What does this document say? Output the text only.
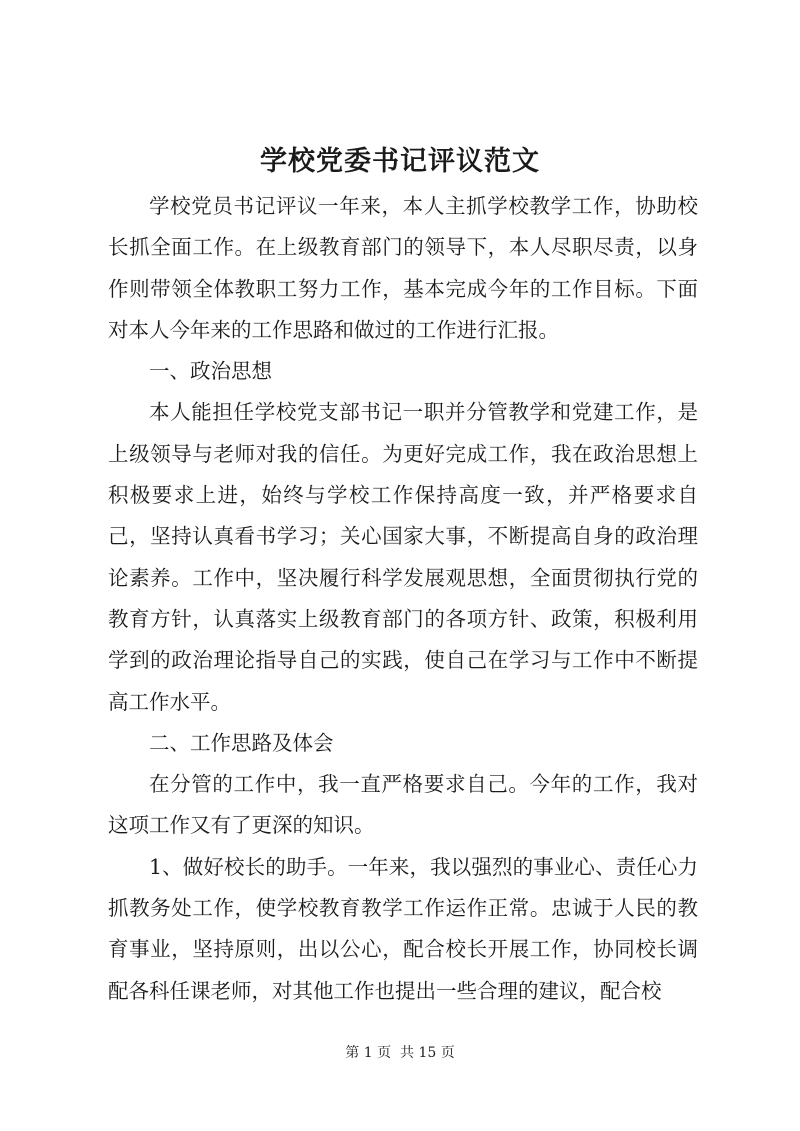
学校党委书记评议范文

学校党员书记评议一年来，本人主抓学校教学工作，协助校长抓全面工作。在上级教育部门的领导下，本人尽职尽责，以身作则带领全体教职工努力工作，基本完成今年的工作目标。下面对本人今年来的工作思路和做过的工作进行汇报。

一、政治思想

本人能担任学校党支部书记一职并分管教学和党建工作，是上级领导与老师对我的信任。为更好完成工作，我在政治思想上积极要求上进，始终与学校工作保持高度一致，并严格要求自己，坚持认真看书学习；关心国家大事，不断提高自身的政治理论素养。工作中，坚决履行科学发展观思想，全面贯彻执行党的教育方针，认真落实上级教育部门的各项方针、政策，积极利用学到的政治理论指导自己的实践，使自己在学习与工作中不断提高工作水平。

二、工作思路及体会

在分管的工作中，我一直严格要求自己。今年的工作，我对这项工作又有了更深的知识。

1、做好校长的助手。一年来，我以强烈的事业心、责任心力抓教务处工作，使学校教育教学工作运作正常。忠诚于人民的教育事业，坚持原则，出以公心，配合校长开展工作，协同校长调配各科任课老师，对其他工作也提出一些合理的建议，配合校

第 1 页  共 15 页
